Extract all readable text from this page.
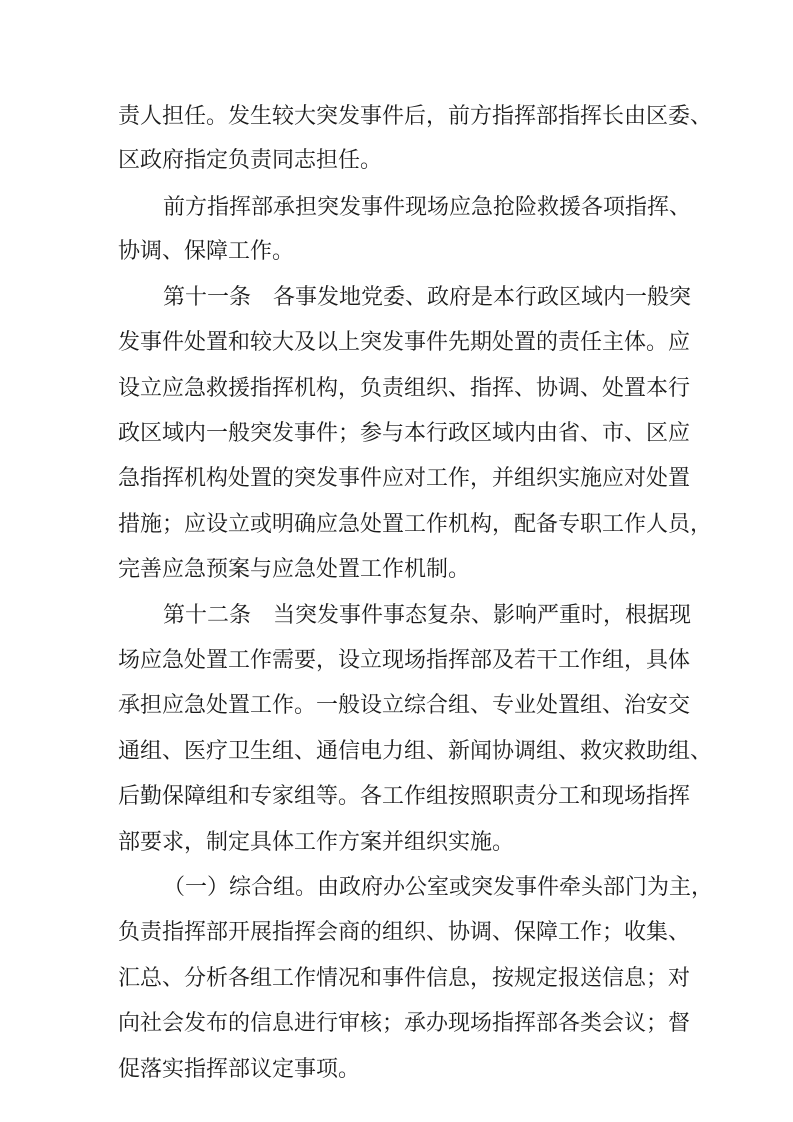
责人担任。发生较大突发事件后，前方指挥部指挥长由区委、
区政府指定负责同志担任。
前方指挥部承担突发事件现场应急抢险救援各项指挥、
协调、保障工作。
第十一条　各事发地党委、政府是本行政区域内一般突
发事件处置和较大及以上突发事件先期处置的责任主体。应
设立应急救援指挥机构，负责组织、指挥、协调、处置本行
政区域内一般突发事件；参与本行政区域内由省、市、区应
急指挥机构处置的突发事件应对工作，并组织实施应对处置
措施；应设立或明确应急处置工作机构，配备专职工作人员，
完善应急预案与应急处置工作机制。
第十二条　当突发事件事态复杂、影响严重时，根据现
场应急处置工作需要，设立现场指挥部及若干工作组，具体
承担应急处置工作。一般设立综合组、专业处置组、治安交
通组、医疗卫生组、通信电力组、新闻协调组、救灾救助组、
后勤保障组和专家组等。各工作组按照职责分工和现场指挥
部要求，制定具体工作方案并组织实施。
（一）综合组。由政府办公室或突发事件牵头部门为主，
负责指挥部开展指挥会商的组织、协调、保障工作；收集、
汇总、分析各组工作情况和事件信息，按规定报送信息；对
向社会发布的信息进行审核；承办现场指挥部各类会议；督
促落实指挥部议定事项。
